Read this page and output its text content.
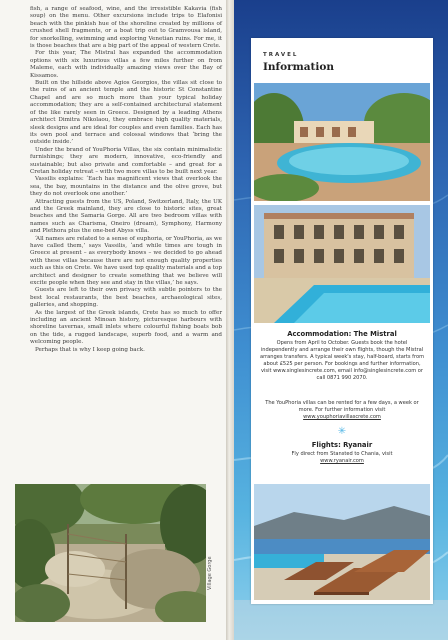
fish, a range of seafood, wine, and the irresistible Kakavia (fish soup) on the menu. Other excursions include trips to Elafonisi beach with the pinkish hue of the shoreline created by millions of crushed shell fragments, or a boat trip out to Gramvousa island, for snorkelling, swimming and exploring Venetian ruins. For me, it is those beaches that are a big part of the appeal of western Crete.

For this year, The Mistral has expanded the accommodation options with six luxurious villas a few miles further on from Maleme, each with individually amazing views over the Bay of Kissamos.

Built on the hillside above Agios Georgios, the villas sit close to the ruins of an ancient temple and the historic St Constantine Chapel and are so much more than your typical holiday accommodation; they are a self-contained architectural statement of the like rarely seen in Greece. Designed by a leading Athens architect Dimitra Nikolaou, they embrace high quality materials, sleek designs and are ideal for couples and even families. Each has its own pool and terrace and colossal windows that ‘bring the outside inside.’

Under the brand of YouPhoria Villas, the six contain minimalistic furnishings; they are modern, innovative, eco-friendly and sustainable; but also private and comfortable – and great for a Cretan holiday retreat – with two more villas to be built next year.

Vassilis explains: ‘Each has magnificent views that overlook the sea, the bay, mountains in the distance and the olive grove, but they do not overlook one another.’

Attracting guests from the US, Poland, Switzerland, Italy, the UK and the Greek mainland, they are close to historic sites, great beaches and the Samaria Gorge. All are two bedroom villas with names such as Charisma, Oneiro (dream), Symphony, Harmony and Plethora plus the one-bed Abyss villa.

‘All names are related to a sense of euphoria, or YouPhoria, as we have called them,’ says Vassilis, ‘and while times are tough in Greece at present – as everybody knows – we decided to go ahead with these villas because there are not enough quality properties such as this on Crete. We have used top quality materials and a top architect and designer to create something that we believe will excite people when they see and stay in the villas,’ he says.

Guests are left to their own privacy with subtle pointers to the best local restaurants, the best beaches, archaeological sites, galleries, and shopping.

As the largest of the Greek islands, Crete has so much to offer including an ancient Minoan history, picturesque harbours with shoreline tavernas, small inlets where colourful fishing boats bob on the tide, a rugged landscape, superb food, and a warm and welcoming people.

Perhaps that is why I keep going back.

Village Gorge
TRAVEL
Information
Accommodation: The Mistral
Opens from April to October. Guests book the hotel independently and arrange their own flights, though the Mistral arranges transfers. A typical week's stay, half-board, starts from about £525 per person. For bookings and further information, visit www.singlesincrete.com, email info@singlesincrete.com or call 0871 990 2070.
The YouPhoria villas can be rented for a few days, a week or more. For further information visit
www.youphoriavillascrete.com
✳
Flights: Ryanair
Fly direct from Stansted to Chania, visit
www.ryanair.com
